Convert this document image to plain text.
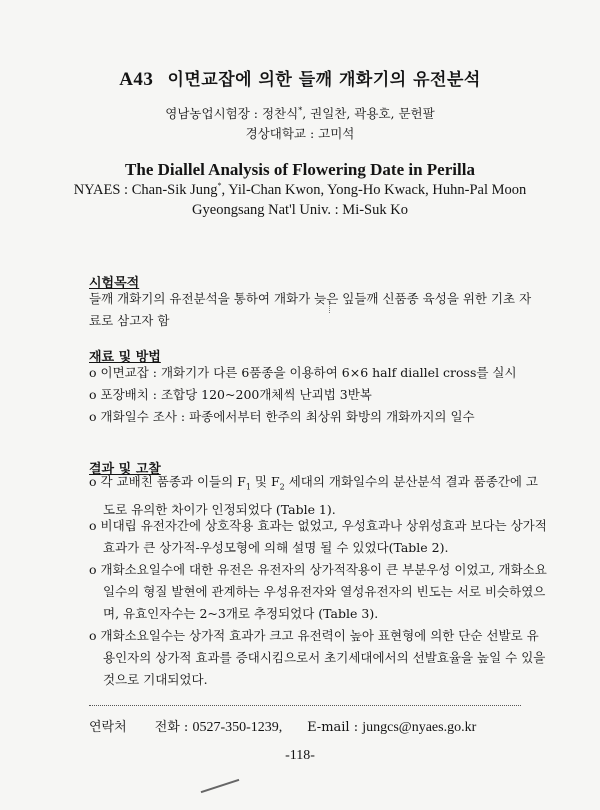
A43 이면교잡에 의한 들깨 개화기의 유전분석
영남농업시험장 : 정찬식*, 권일찬, 곽용호, 문헌팔
경상대학교 : 고미석
The Diallel Analysis of Flowering Date in Perilla
NYAES : Chan-Sik Jung*, Yil-Chan Kwon, Yong-Ho Kwack, Huhn-Pal Moon
Gyeongsang Nat'l Univ. : Mi-Suk Ko
시험목적
들깨 개화기의 유전분석을 통하여 개화가 늦은 잎들깨 신품종 육성을 위한 기초 자료로 삼고자 함
재료 및 방법
o 이면교잡 : 개화기가 다른 6품종을 이용하여 6×6 half diallel cross를 실시
o 포장배치 : 조합당 120~200개체씩 난괴법 3반복
o 개화일수 조사 : 파종에서부터 한주의 최상위 화방의 개화까지의 일수
결과 및 고찰
o 각 교배친 품종과 이들의 $F_1$ 및 $F_2$ 세대의 개화일수의 분산분석 결과 품종간에 고도로 유의한 차이가 인정되었다 (Table 1).
o 비대립 유전자간에 상호작용 효과는 없었고, 우성효과나 상위성효과 보다는 상가적효과가 큰 상가적-우성모형에 의해 설명 될 수 있었다(Table 2).
o 개화소요일수에 대한 유전은 유전자의 상가적작용이 큰 부분우성 이었고, 개화소요일수의 형질 발현에 관계하는 우성유전자와 열성유전자의 빈도는 서로 비슷하였으며, 유효인자수는 2~3개로 추정되었다 (Table 3).
o 개화소요일수는 상가적 효과가 크고 유전력이 높아 표현형에 의한 단순 선발로 유용인자의 상가적 효과를 증대시킴으로서 초기세대에서의 선발효율을 높일 수 있을 것으로 기대되었다.
연락처 전화 : 0527-350-1239, E-mail : jungcs@nyaes.go.kr
-118-
